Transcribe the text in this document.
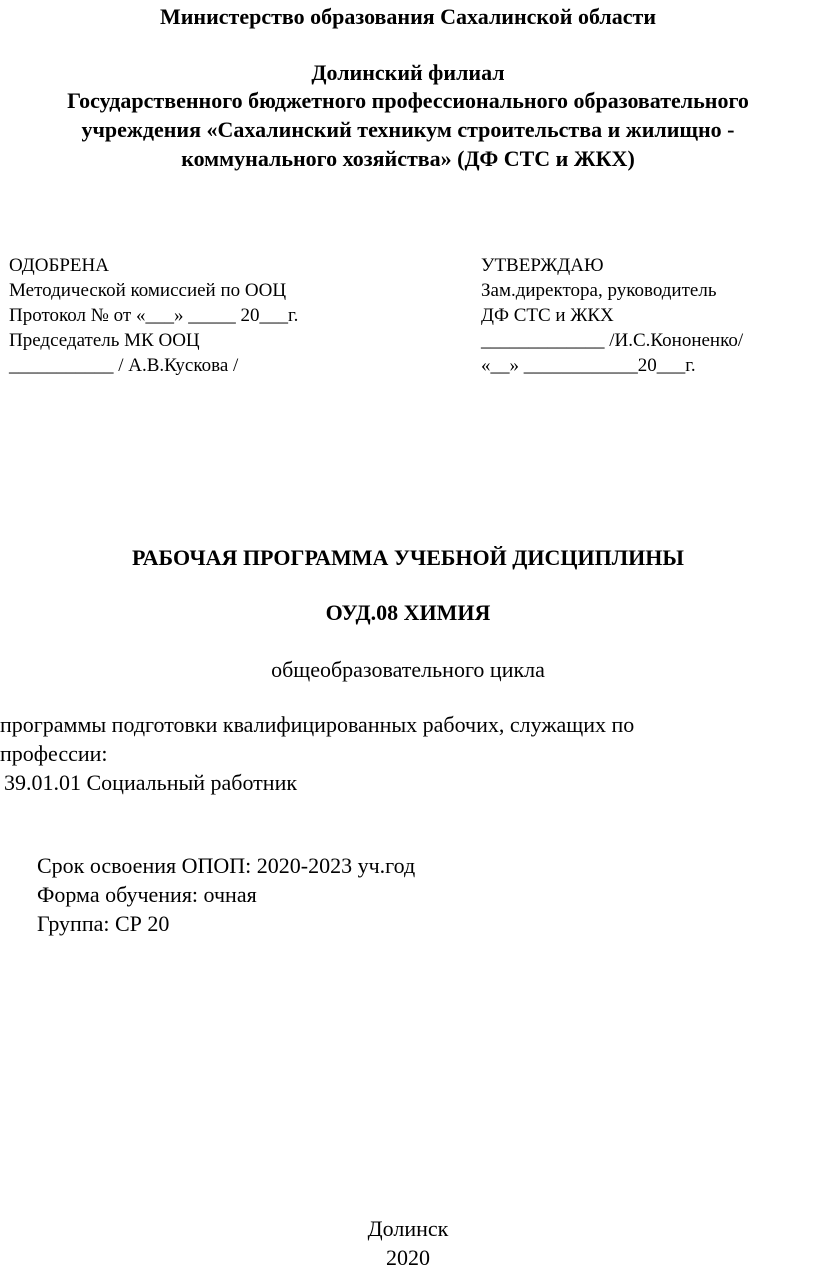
Министерство образования Сахалинской области
Долинский филиал
Государственного бюджетного профессионального образовательного
учреждения «Сахалинский техникум строительства и жилищно -
коммунального хозяйства» (ДФ СТС и ЖКХ)
ОДОБРЕНА
Методической комиссией по ООЦ
Протокол № от «___» _____ 20___г.
Председатель МК ООЦ
___________ / А.В.Кускова /
УТВЕРЖДАЮ
Зам.директора, руководитель
ДФ СТС и ЖКХ
_____________ /И.С.Кононенко/
«__» ____________20___г.
РАБОЧАЯ ПРОГРАММА УЧЕБНОЙ ДИСЦИПЛИНЫ
ОУД.08 ХИМИЯ
общеобразовательного цикла
программы подготовки квалифицированных рабочих, служащих по
профессии:
39.01.01 Социальный работник
Срок освоения ОПОП: 2020-2023 уч.год
Форма обучения: очная
Группа: СР 20
Долинск
2020
